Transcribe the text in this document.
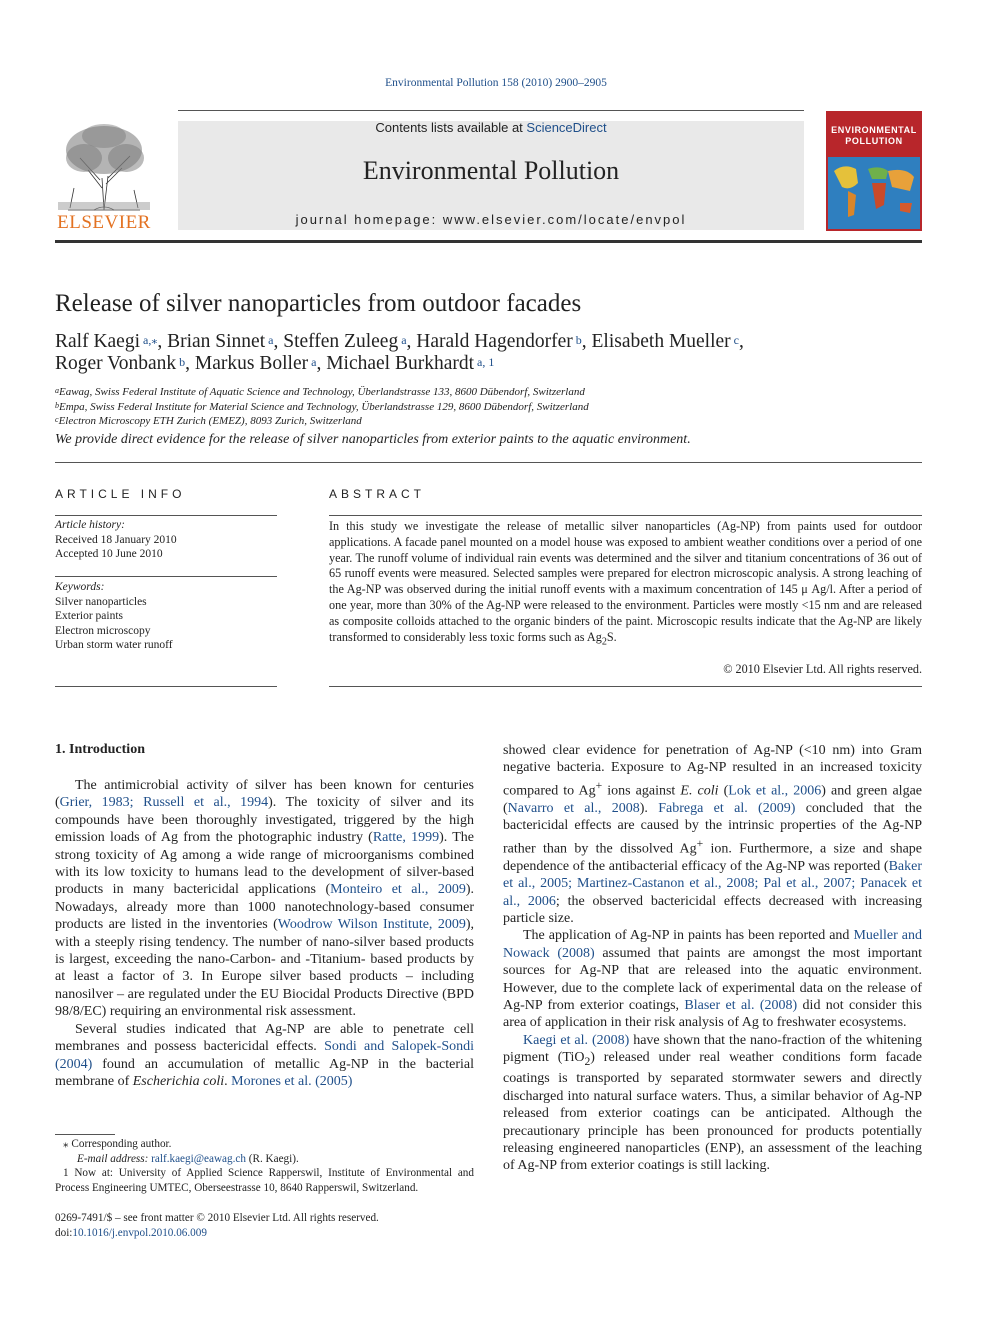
Environmental Pollution 158 (2010) 2900–2905
Contents lists available at ScienceDirect
Environmental Pollution
journal homepage: www.elsevier.com/locate/envpol
ELSEVIER
ENVIRONMENTAL
POLLUTION
Release of silver nanoparticles from outdoor facades
Ralf Kaegi $^{a,⁎}$, Brian Sinnet $^a$, Steffen Zuleeg $^a$, Harald Hagendorfer $^b$, Elisabeth Mueller $^c$,
Roger Vonbank $^b$, Markus Boller $^a$, Michael Burkhardt $^{a, 1}$
$^a$Eawag, Swiss Federal Institute of Aquatic Science and Technology, Überlandstrasse 133, 8600 Dübendorf, Switzerland
$^b$Empa, Swiss Federal Institute for Material Science and Technology, Überlandstrasse 129, 8600 Dübendorf, Switzerland
$^c$Electron Microscopy ETH Zurich (EMEZ), 8093 Zurich, Switzerland
We provide direct evidence for the release of silver nanoparticles from exterior paints to the aquatic environment.
ARTICLE INFO
Article history:
Received 18 January 2010
Accepted 10 June 2010
Keywords:
Silver nanoparticles
Exterior paints
Electron microscopy
Urban storm water runoff
ABSTRACT
In this study we investigate the release of metallic silver nanoparticles (Ag-NP) from paints used for outdoor applications. A facade panel mounted on a model house was exposed to ambient weather conditions over a period of one year. The runoff volume of individual rain events was determined and the silver and titanium concentrations of 36 out of 65 runoff events were measured. Selected samples were prepared for electron microscopic analysis. A strong leaching of the Ag-NP was observed during the initial runoff events with a maximum concentration of 145 μ Ag/l. After a period of one year, more than 30% of the Ag-NP were released to the environment. Particles were mostly <15 nm and are released as composite colloids attached to the organic binders of the paint. Microscopic results indicate that the Ag-NP are likely transformed to considerably less toxic forms such as $Ag_2S$.
© 2010 Elsevier Ltd. All rights reserved.
1. Introduction

The antimicrobial activity of silver has been known for centuries (Grier, 1983; Russell et al., 1994). The toxicity of silver and its compounds have been thoroughly investigated, triggered by the high emission loads of Ag from the photographic industry (Ratte, 1999). The strong toxicity of Ag among a wide range of microorganisms combined with its low toxicity to humans lead to the development of silver-based products in many bactericidal applications (Monteiro et al., 2009). Nowadays, already more than 1000 nanotechnology-based consumer products are listed in the inventories (Woodrow Wilson Institute, 2009), with a steeply rising tendency. The number of nano-silver based products is largest, exceeding the nano-Carbon- and -Titanium- based products by at least a factor of 3. In Europe silver based products – including nanosilver – are regulated under the EU Biocidal Products Directive (BPD 98/8/EC) requiring an environmental risk assessment.

Several studies indicated that Ag-NP are able to penetrate cell membranes and possess bactericidal effects. Sondi and Salopek-Sondi (2004) found an accumulation of metallic Ag-NP in the bacterial membrane of Escherichia coli. Morones et al. (2005)

showed clear evidence for penetration of Ag-NP (<10 nm) into Gram negative bacteria. Exposure to Ag-NP resulted in an increased toxicity compared to Ag+ ions against E. coli (Lok et al., 2006) and green algae (Navarro et al., 2008). Fabrega et al. (2009) concluded that the bactericidal effects are caused by the intrinsic properties of the Ag-NP rather than by the dissolved Ag+ ion. Furthermore, a size and shape dependence of the antibacterial efficacy of the Ag-NP was reported (Baker et al., 2005; Martinez-Castanon et al., 2008; Pal et al., 2007; Panacek et al., 2006; the observed bactericidal effects decreased with increasing particle size.

The application of Ag-NP in paints has been reported and Mueller and Nowack (2008) assumed that paints are amongst the most important sources for Ag-NP that are released into the aquatic environment. However, due to the complete lack of experimental data on the release of Ag-NP from exterior coatings, Blaser et al. (2008) did not consider this area of application in their risk analysis of Ag to freshwater ecosystems.

Kaegi et al. (2008) have shown that the nano-fraction of the whitening pigment (TiO$_2$) released under real weather conditions form facade coatings is transported by separated stormwater sewers and directly discharged into natural surface waters. Thus, a similar behavior of Ag-NP released from exterior coatings can be anticipated. Although the precautionary principle has been pronounced for products potentially releasing engineered nanoparticles (ENP), an assessment of the leaching of Ag-NP from exterior coatings is still lacking.

⁎ Corresponding author.
E-mail address: ralf.kaegi@eawag.ch (R. Kaegi).
1 Now at: University of Applied Science Rapperswil, Institute of Environmental and Process Engineering UMTEC, Oberseestrasse 10, 8640 Rapperswil, Switzerland.
0269-7491/$ – see front matter © 2010 Elsevier Ltd. All rights reserved.
doi:10.1016/j.envpol.2010.06.009
